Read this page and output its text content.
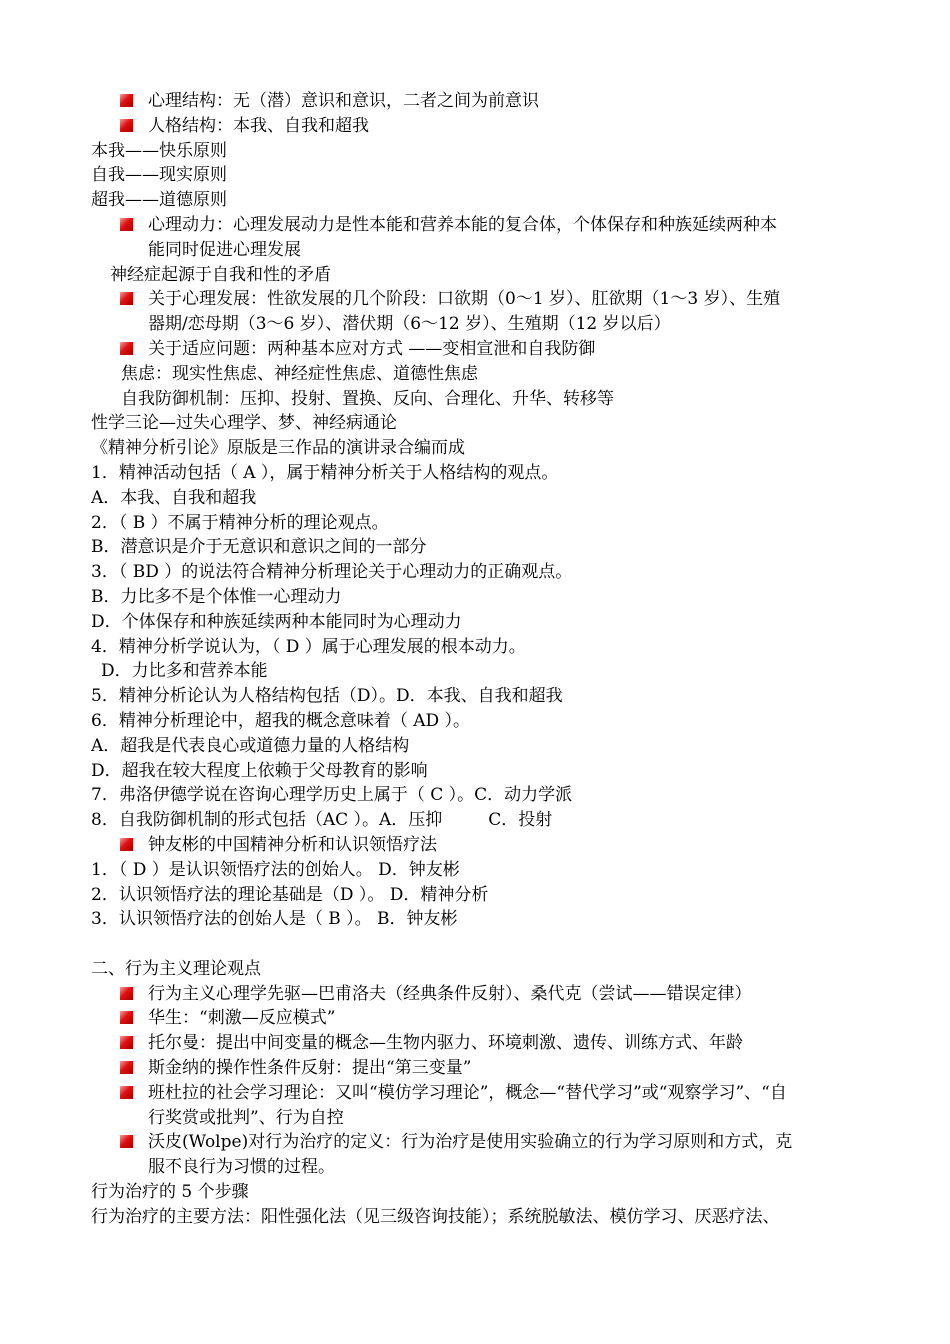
心理结构：无（潜）意识和意识，二者之间为前意识
人格结构：本我、自我和超我
本我——快乐原则
自我——现实原则
超我——道德原则
心理动力：心理发展动力是性本能和营养本能的复合体，个体保存和种族延续两种本
能同时促进心理发展
神经症起源于自我和性的矛盾
关于心理发展：性欲发展的几个阶段：口欲期（0～1 岁）、肛欲期（1～3 岁）、生殖
器期/恋母期（3～6 岁）、潜伏期（6～12 岁）、生殖期（12 岁以后）
关于适应问题：两种基本应对方式 ——变相宣泄和自我防御
焦虑：现实性焦虑、神经症性焦虑、道德性焦虑
自我防御机制：压抑、投射、置换、反向、合理化、升华、转移等
性学三论—过失心理学、梦、神经病通论
《精神分析引论》原版是三作品的演讲录合编而成
1．精神活动包括（ A ），属于精神分析关于人格结构的观点。
A．本我、自我和超我
2．（ B ）不属于精神分析的理论观点。
B．潜意识是介于无意识和意识之间的一部分
3．（ BD ）的说法符合精神分析理论关于心理动力的正确观点。
B．力比多不是个体惟一心理动力
D．个体保存和种族延续两种本能同时为心理动力
4．精神分析学说认为，（ D ）属于心理发展的根本动力。
D．力比多和营养本能
5．精神分析论认为人格结构包括（D）。D．本我、自我和超我
6．精神分析理论中，超我的概念意味着（ AD ）。
A．超我是代表良心或道德力量的人格结构
D．超我在较大程度上依赖于父母教育的影响
7．弗洛伊德学说在咨询心理学历史上属于（ C ）。C．动力学派
8．自我防御机制的形式包括（AC ）。A．压抑	C．投射
钟友彬的中国精神分析和认识领悟疗法
1．（ D ）是认识领悟疗法的创始人。 D．钟友彬
2．认识领悟疗法的理论基础是（D ）。 D．精神分析
3．认识领悟疗法的创始人是（ B ）。 B．钟友彬
二、行为主义理论观点
行为主义心理学先驱—巴甫洛夫（经典条件反射）、桑代克（尝试——错误定律）
华生：“刺激—反应模式”
托尔曼：提出中间变量的概念—生物内驱力、环境刺激、遗传、训练方式、年龄
斯金纳的操作性条件反射：提出“第三变量”
班杜拉的社会学习理论：又叫“模仿学习理论”，概念—“替代学习”或“观察学习”、“自
行奖赏或批判”、行为自控
沃皮(Wolpe)对行为治疗的定义：行为治疗是使用实验确立的行为学习原则和方式，克
服不良行为习惯的过程。
行为治疗的 5 个步骤
行为治疗的主要方法：阳性强化法（见三级咨询技能）；系统脱敏法、模仿学习、厌恶疗法、
